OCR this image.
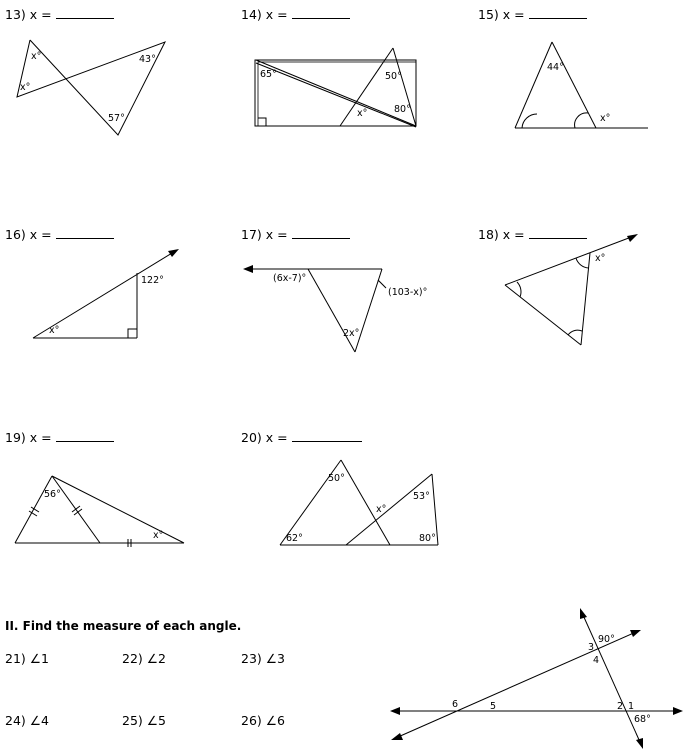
13) x =	14) x =	15) x =
x°
x°
43°
57°
65°	50°
80°
x°
44°
x°
16) x =	17) x =	18) x =
122°
x°
(6x-7)°
(103-x)°
2x°
x°
19) x =	20) x =
56°
x°
50°
x°
53°
62°	80°
II. Find the measure of each angle.
21) ∠1	22) ∠2	23) ∠3
24) ∠4	25) ∠5	26) ∠6
3
90°
4
6	5	2 1
68°
